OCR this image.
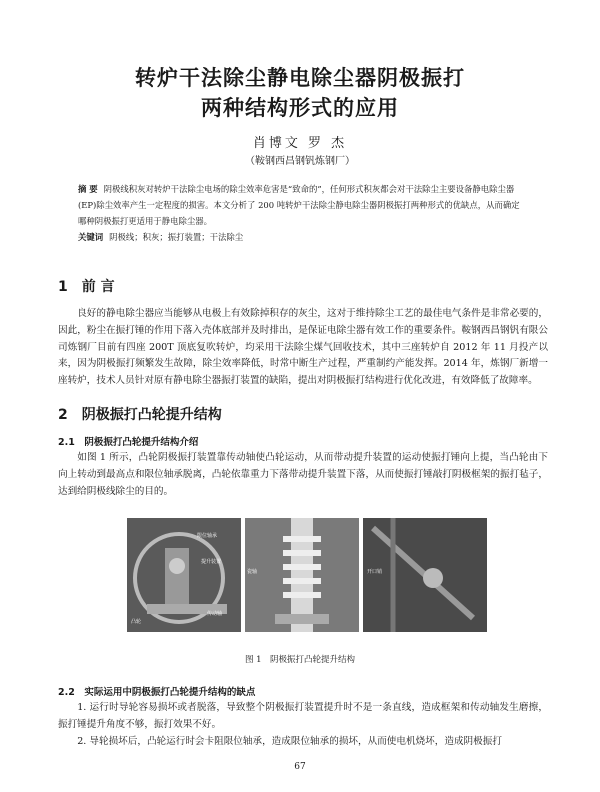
转炉干法除尘静电除尘器阴极振打
两种结构形式的应用
肖博文 罗 杰
（鞍钢西昌钢钒炼钢厂）
摘 要 阴极线积灰对转炉干法除尘电场的除尘效率危害是“致命的”，任何形式积灰都会对干法除尘主要设备静电除尘器(EP)除尘效率产生一定程度的损害。本文分析了 200 吨转炉干法除尘静电除尘器阴极振打两种形式的优缺点，从而确定哪种阴极振打更适用于静电除尘器。
关键词 阴极线；积灰；振打装置；干法除尘
1　 前 言
良好的静电除尘器应当能够从电极上有效除掉积存的灰尘，这对于维持除尘工艺的最佳电气条件是非常必要的，因此，粉尘在振打锤的作用下落入壳体底部并及时排出，是保证电除尘器有效工作的重要条件。鞍钢西昌钢钒有限公司炼钢厂目前有四座 200T 顶底复吹转炉，均采用干法除尘煤气回收技术，其中三座转炉自 2012 年 11 月投产以来，因为阴极振打频繁发生故障，除尘效率降低，时常中断生产过程，严重制约产能发挥。2014 年，炼钢厂新增一座转炉，技术人员针对原有静电除尘器振打装置的缺陷，提出对阴极振打结构进行优化改进，有效降低了故障率。
2　 阴极振打凸轮提升结构
2.1　阴极振打凸轮提升结构介绍
如图 1 所示，凸轮阴极振打装置靠传动轴使凸轮运动，从而带动提升装置的运动使振打锤向上提，当凸轮由下向上转动到最高点和限位轴承脱离，凸轮依靠重力下落带动提升装置下落，从而使振打锤敲打阴极框架的振打毡子，达到给阴极线除尘的目的。
限位轴承
凸轮
提升装置
传动轴
瓷轴	开口销
图 1　阴极振打凸轮提升结构
2.2　实际运用中阴极振打凸轮提升结构的缺点
1. 运行时导轮容易损坏或者脱落，导致整个阴极振打装置提升时不是一条直线，造成框架和传动轴发生磨擦，振打锤提升角度不够，振打效果不好。
2. 导轮损坏后，凸轮运行时会卡阻限位轴承，造成限位轴承的损坏，从而使电机烧坏，造成阴极振打
67
